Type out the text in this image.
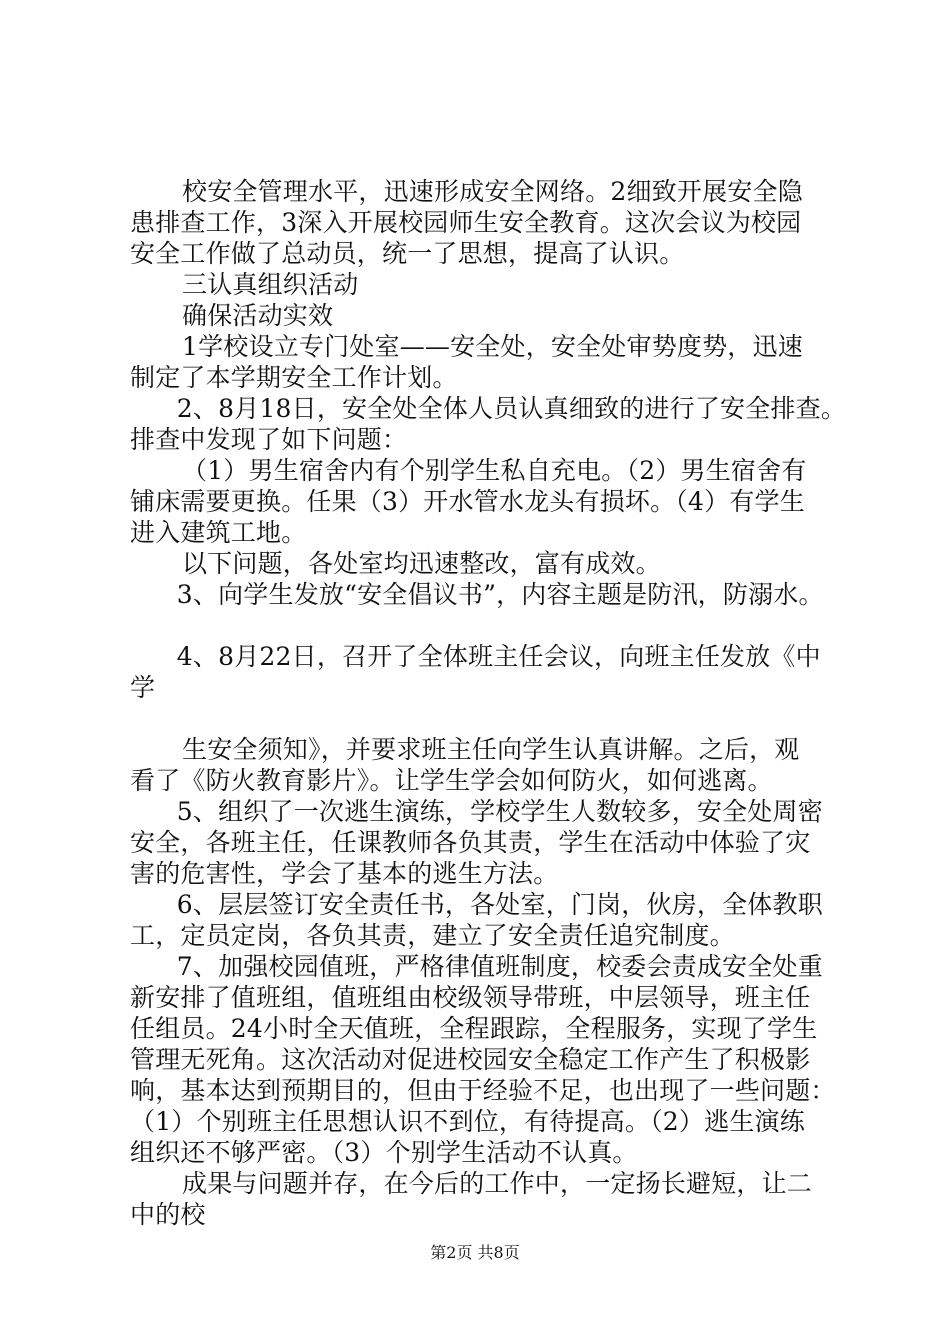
校安全管理水平，迅速形成安全网络。2细致开展安全隐
患排查工作，3深入开展校园师生安全教育。这次会议为校园
安全工作做了总动员，统一了思想，提高了认识。
三认真组织活动
确保活动实效
1学校设立专门处室——安全处，安全处审势度势，迅速
制定了本学期安全工作计划。
2、8月18日，安全处全体人员认真细致的进行了安全排查。
排查中发现了如下问题：
（1）男生宿舍内有个别学生私自充电。（2）男生宿舍有
铺床需要更换。任果（3）开水管水龙头有损坏。（4）有学生
进入建筑工地。
以下问题，各处室均迅速整改，富有成效。
3、向学生发放“安全倡议书”，内容主题是防汛，防溺水。
4、8月22日，召开了全体班主任会议，向班主任发放《中
学
生安全须知》，并要求班主任向学生认真讲解。之后，观
看了《防火教育影片》。让学生学会如何防火，如何逃离。
5、组织了一次逃生演练，学校学生人数较多，安全处周密
安全，各班主任，任课教师各负其责，学生在活动中体验了灾
害的危害性，学会了基本的逃生方法。
6、层层签订安全责任书，各处室，门岗，伙房，全体教职
工，定员定岗，各负其责，建立了安全责任追究制度。
7、加强校园值班，严格律值班制度，校委会责成安全处重
新安排了值班组，值班组由校级领导带班，中层领导，班主任
任组员。24小时全天值班，全程跟踪，全程服务，实现了学生
管理无死角。这次活动对促进校园安全稳定工作产生了积极影
响，基本达到预期目的，但由于经验不足，也出现了一些问题：
（1）个别班主任思想认识不到位，有待提高。（2）逃生演练
组织还不够严密。（3）个别学生活动不认真。
成果与问题并存，在今后的工作中，一定扬长避短，让二
中的校
第2页 共8页
